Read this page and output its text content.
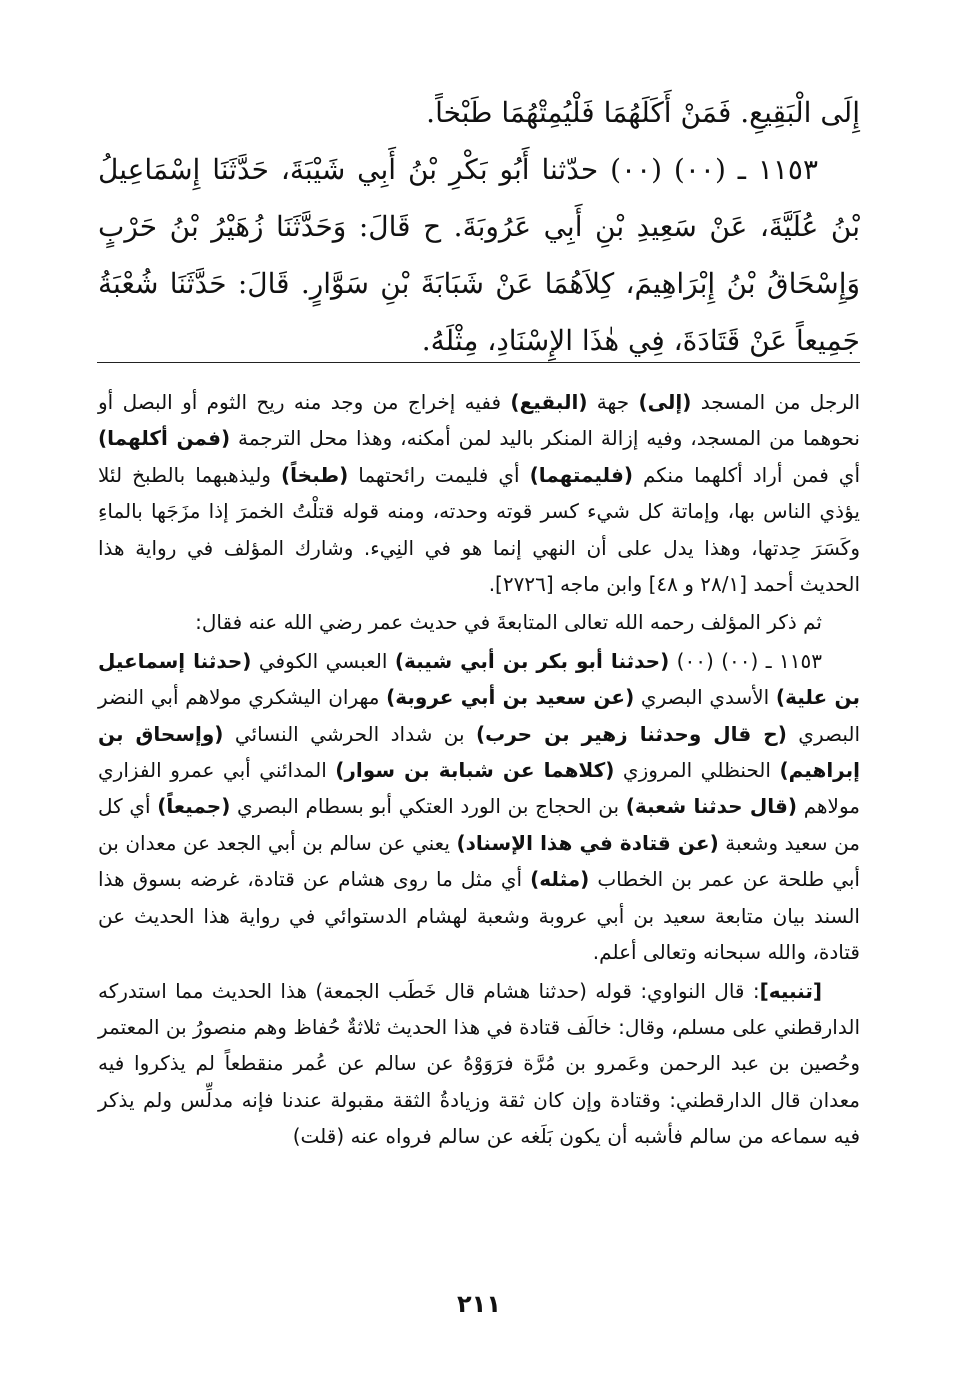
إِلَى الْبَقِيعِ. فَمَنْ أَكَلَهُمَا فَلْيُمِتْهُمَا طَبْخاً.

١١٥٣ ـ (٠٠) (٠٠) حدّثنا أَبُو بَكْرِ بْنُ أَبِي شَيْبَةَ، حَدَّثَنَا إِسْمَاعِيلُ بْنُ عُلَيَّةَ، عَنْ سَعِيدِ بْنِ أَبِي عَرُوبَةَ. ح قَالَ: وَحَدَّثَنَا زُهَيْرُ بْنُ حَرْبٍ وَإِسْحَاقُ بْنُ إِبْرَاهِيمَ، كِلاَهُمَا عَنْ شَبَابَةَ بْنِ سَوَّارٍ. قَالَ: حَدَّثَنَا شُعْبَةُ جَمِيعاً عَنْ قَتَادَةَ، فِي هٰذَا الإِسْنَادِ، مِثْلَهُ.

الرجل من المسجد (إلى) جهة (البقيع) ففيه إخراج من وجد منه ريح الثوم أو البصل أو نحوهما من المسجد، وفيه إزالة المنكر باليد لمن أمكنه، وهذا محل الترجمة (فمن أكلهما) أي فمن أراد أكلهما منكم (فليمتهما) أي فليمت رائحتهما (طبخاً) وليذهبهما بالطبخ لئلا يؤذي الناس بها، وإماتة كل شيء كسر قوته وحدته، ومنه قوله قتلْتُ الخمرَ إذا مزَجَها بالماءِ وكَسَرَ حِدتها، وهذا يدل على أن النهي إنما هو في النِيء. وشارك المؤلف في رواية هذا الحديث أحمد [٢٨/١ و ٤٨] وابن ماجه [٢٧٢٦].

ثم ذكر المؤلف رحمه الله تعالى المتابعةَ في حديث عمر رضي الله عنه فقال:

١١٥٣ ـ (٠٠) (٠٠) (حدثنا أبو بكر بن أبي شيبة) العبسي الكوفي (حدثنا إسماعيل بن علية) الأسدي البصري (عن سعيد بن أبي عروبة) مهران اليشكري مولاهم أبي النضر البصري (ح قال وحدثنا زهير بن حرب) بن شداد الحرشي النسائي (وإسحاق بن إبراهيم) الحنظلي المروزي (كلاهما عن شبابة بن سوار) المدائني أبي عمرو الفزاري مولاهم (قال حدثنا شعبة) بن الحجاج بن الورد العتكي أبو بسطام البصري (جميعاً) أي كل من سعيد وشعبة (عن قتادة في هذا الإسناد) يعني عن سالم بن أبي الجعد عن معدان بن أبي طلحة عن عمر بن الخطاب (مثله) أي مثل ما روى هشام عن قتادة، غرضه بسوق هذا السند بيان متابعة سعيد بن أبي عروبة وشعبة لهشام الدستوائي في رواية هذا الحديث عن قتادة، والله سبحانه وتعالى أعلم.

[تنبيه]: قال النواوي: قوله (حدثنا هشام قال خَطَب الجمعة) هذا الحديث مما استدركه الدارقطني على مسلم، وقال: خالَف قتادة في هذا الحديث ثلاثةٌ حُفاظ وهم منصورُ بن المعتمر وحُصين بن عبد الرحمن وعَمرو بن مُرَّة فرَوَوْهُ عن سالم عن عُمر منقطعاً لم يذكروا فيه معدان قال الدارقطني: وقتادة وإن كان ثقة وزيادةُ الثقة مقبولة عندنا فإنه مدلِّس ولم يذكر فيه سماعه من سالم فأشبه أن يكون بَلَغه عن سالم فرواه عنه (قلت)

٢١١
